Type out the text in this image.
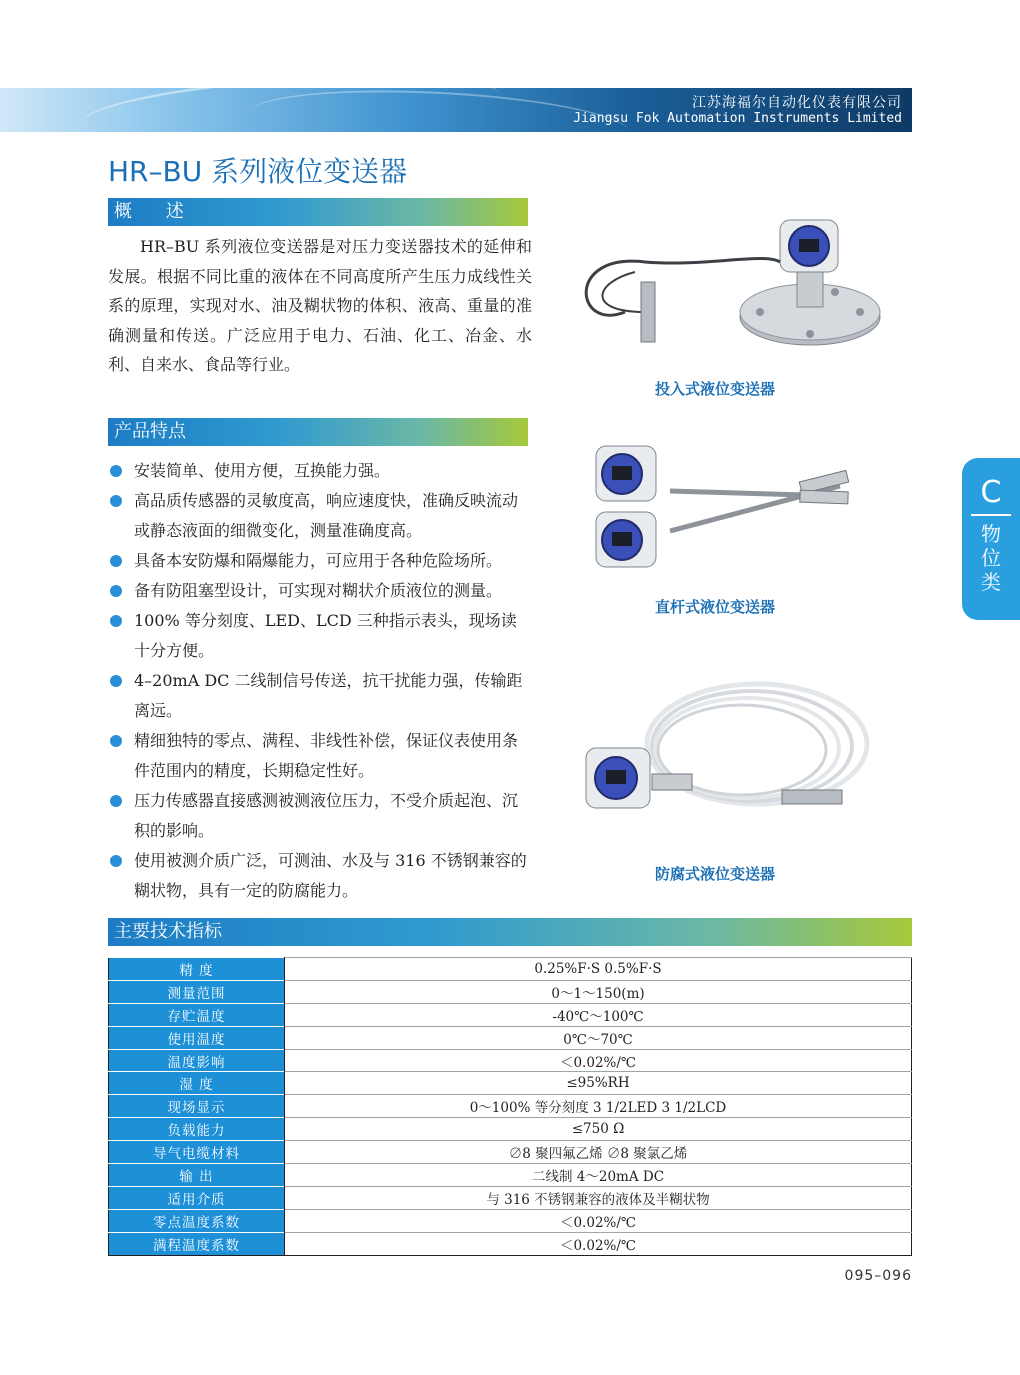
江苏海福尔自动化仪表有限公司
Jiangsu Fok Automation Instruments Limited
HR–BU 系列液位变送器
概 述

HR–BU 系列液位变送器是对压力变送器技术的延伸和发展。根据不同比重的液体在不同高度所产生压力成线性关系的原理，实现对水、油及糊状物的体积、液高、重量的准确测量和传送。广泛应用于电力、石油、化工、冶金、水利、自来水、食品等行业。

产品特点
安装简单、使用方便，互换能力强。
高品质传感器的灵敏度高，响应速度快，准确反映流动或静态液面的细微变化，测量准确度高。
具备本安防爆和隔爆能力，可应用于各种危险场所。
备有防阻塞型设计，可实现对糊状介质液位的测量。
100% 等分刻度、LED、LCD 三种指示表头，现场读十分方便。
4–20mA DC 二线制信号传送，抗干扰能力强，传输距离远。
精细独特的零点、满程、非线性补偿，保证仪表使用条件范围内的精度，长期稳定性好。
压力传感器直接感测被测液位压力，不受介质起泡、沉积的影响。
使用被测介质广泛，可测油、水及与 316 不锈钢兼容的糊状物，具有一定的防腐能力。
投入式液位变送器
直杆式液位变送器
防腐式液位变送器
C
物位类
主要技术指标
精 度	0.25%F·S 0.5%F·S
测量范围	0～1～150(m)
存贮温度	-40℃～100℃
使用温度	0℃～70℃
温度影响	＜0.02%/℃
湿 度	≤95%RH
现场显示	0～100% 等分刻度 3 1/2LED 3 1/2LCD
负载能力	≤750 Ω
导气电缆材料	∅8 聚四氟乙烯 ∅8 聚氯乙烯
输 出	二线制 4～20mA DC
适用介质	与 316 不锈钢兼容的液体及半糊状物
零点温度系数	＜0.02%/℃
满程温度系数	＜0.02%/℃
095–096
